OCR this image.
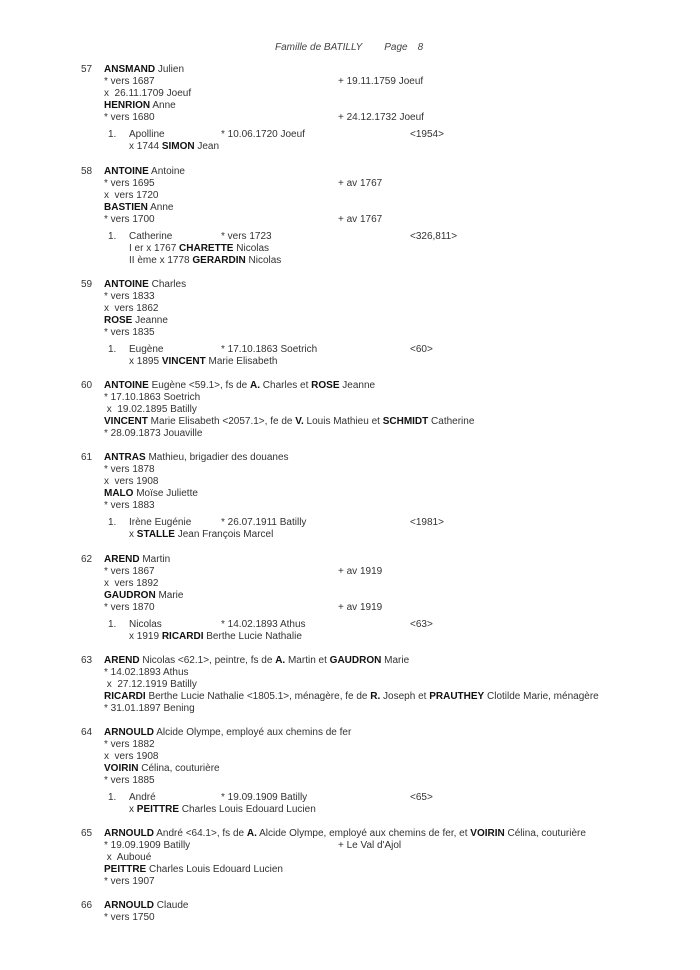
Famille de BATILLY Page 8
57 ANSMAND Julien
* vers 1687	+ 19.11.1759 Joeuf
x  26.11.1709 Joeuf
HENRION Anne
* vers 1680	+ 24.12.1732 Joeuf
1. Apolline	* 10.06.1720 Joeuf	<1954>
x 1744 SIMON Jean
58 ANTOINE Antoine
* vers 1695	+ av 1767
x  vers 1720
BASTIEN Anne
* vers 1700	+ av 1767
1. Catherine	* vers 1723	<326,811>
I er x 1767 CHARETTE Nicolas
II ème x 1778 GERARDIN Nicolas
59 ANTOINE Charles
* vers 1833
x  vers 1862
ROSE Jeanne
* vers 1835
1. Eugène	* 17.10.1863 Soetrich	<60>
x 1895 VINCENT Marie Elisabeth
60 ANTOINE Eugène <59.1>, fs de A. Charles et ROSE Jeanne
* 17.10.1863 Soetrich
x  19.02.1895 Batilly
VINCENT Marie Elisabeth <2057.1>, fe de V. Louis Mathieu et SCHMIDT Catherine
* 28.09.1873 Jouaville
61 ANTRAS Mathieu, brigadier des douanes
* vers 1878
x  vers 1908
MALO Moïse Juliette
* vers 1883
1. Irène Eugénie	* 26.07.1911 Batilly	<1981>
x STALLE Jean François Marcel
62 AREND Martin
* vers 1867	+ av 1919
x  vers 1892
GAUDRON Marie
* vers 1870	+ av 1919
1. Nicolas	* 14.02.1893 Athus	<63>
x 1919 RICARDI Berthe Lucie Nathalie
63 AREND Nicolas <62.1>, peintre, fs de A. Martin et GAUDRON Marie
* 14.02.1893 Athus
x  27.12.1919 Batilly
RICARDI Berthe Lucie Nathalie <1805.1>, ménagère, fe de R. Joseph et PRAUTHEY Clotilde Marie, ménagère
* 31.01.1897 Bening
64 ARNOULD Alcide Olympe, employé aux chemins de fer
* vers 1882
x  vers 1908
VOIRIN Célina, couturière
* vers 1885
1. André	* 19.09.1909 Batilly	<65>
x PEITTRE Charles Louis Edouard Lucien
65 ARNOULD André <64.1>, fs de A. Alcide Olympe, employé aux chemins de fer, et VOIRIN Célina, couturière
* 19.09.1909 Batilly	+ Le Val d'Ajol
x  Auboué
PEITTRE Charles Louis Edouard Lucien
* vers 1907
66 ARNOULD Claude
* vers 1750
